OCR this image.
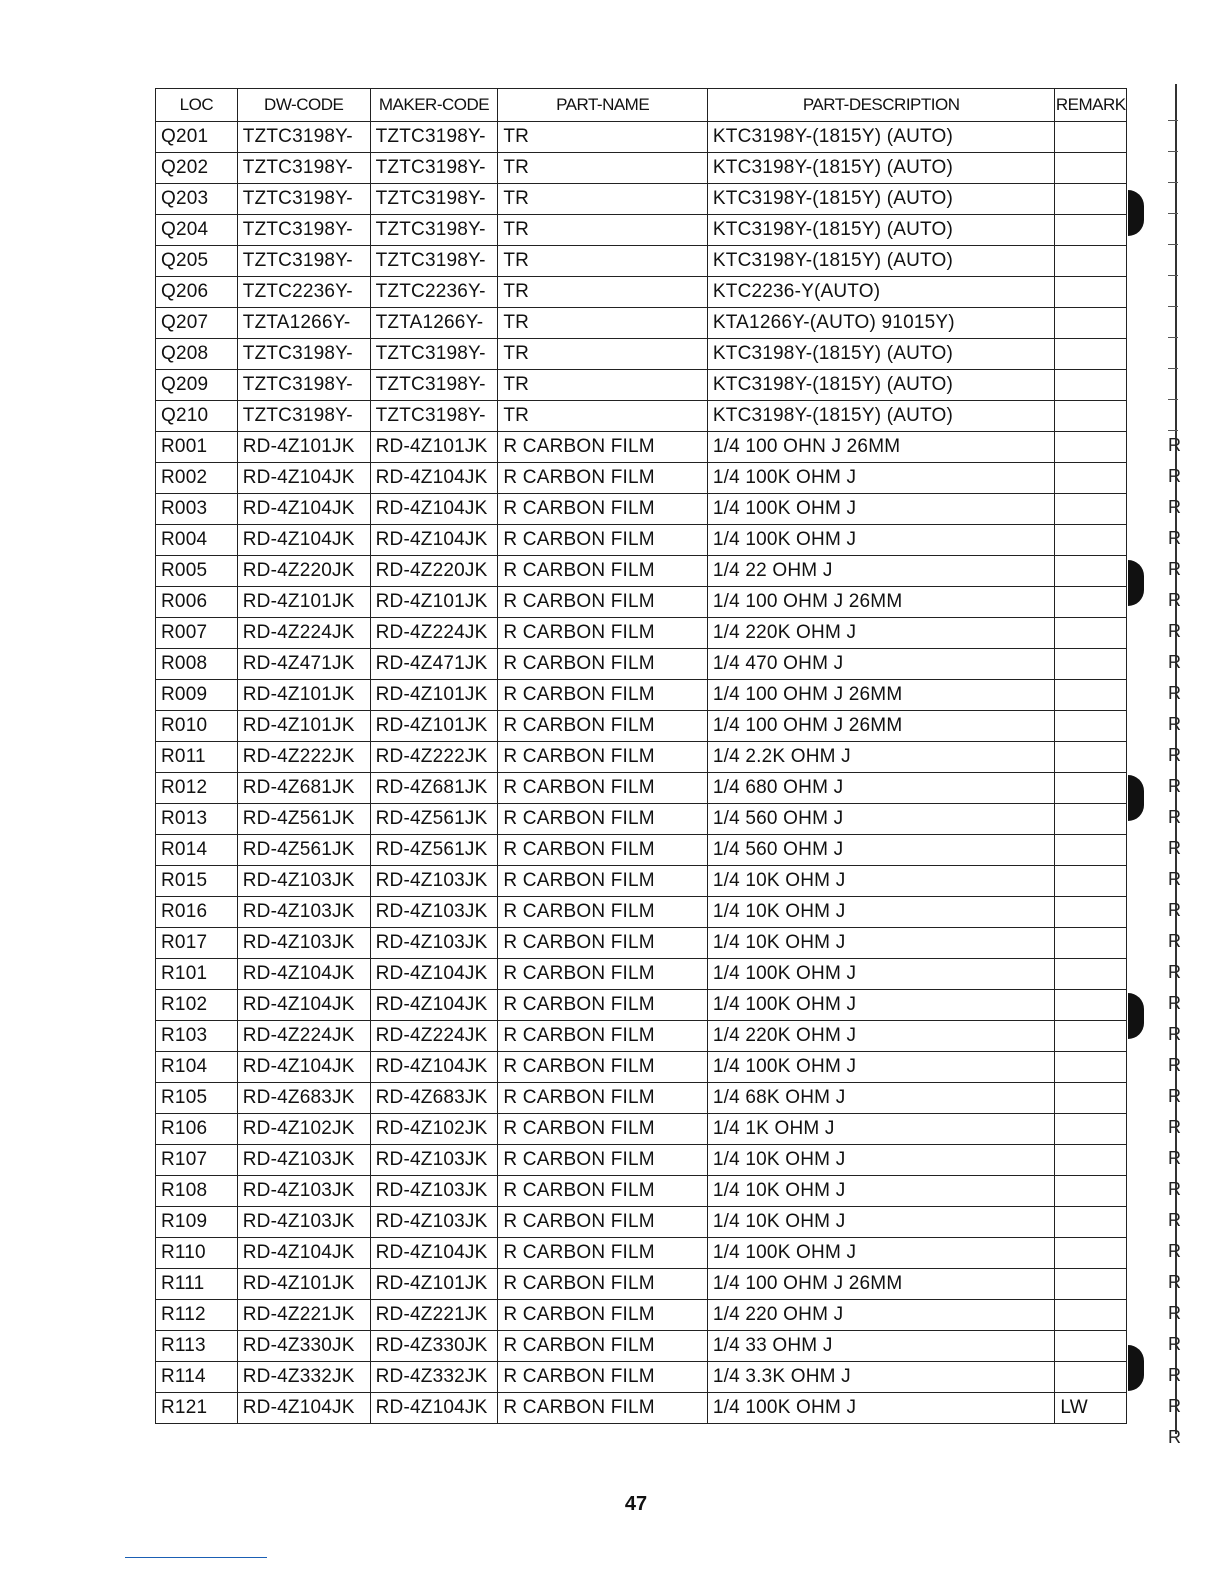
LOC	DW-CODE	MAKER-CODE	PART-NAME	PART-DESCRIPTION	REMARK
Q201	TZTC3198Y-	TZTC3198Y-	TR	KTC3198Y-(1815Y) (AUTO)	
Q202	TZTC3198Y-	TZTC3198Y-	TR	KTC3198Y-(1815Y) (AUTO)	
Q203	TZTC3198Y-	TZTC3198Y-	TR	KTC3198Y-(1815Y) (AUTO)	
Q204	TZTC3198Y-	TZTC3198Y-	TR	KTC3198Y-(1815Y) (AUTO)	
Q205	TZTC3198Y-	TZTC3198Y-	TR	KTC3198Y-(1815Y) (AUTO)	
Q206	TZTC2236Y-	TZTC2236Y-	TR	KTC2236-Y(AUTO)	
Q207	TZTA1266Y-	TZTA1266Y-	TR	KTA1266Y-(AUTO) 91015Y)	
Q208	TZTC3198Y-	TZTC3198Y-	TR	KTC3198Y-(1815Y) (AUTO)	
Q209	TZTC3198Y-	TZTC3198Y-	TR	KTC3198Y-(1815Y) (AUTO)	
Q210	TZTC3198Y-	TZTC3198Y-	TR	KTC3198Y-(1815Y) (AUTO)	
R001	RD-4Z101JK	RD-4Z101JK	R CARBON FILM	1/4 100 OHN J 26MM	
R002	RD-4Z104JK	RD-4Z104JK	R CARBON FILM	1/4 100K OHM J	
R003	RD-4Z104JK	RD-4Z104JK	R CARBON FILM	1/4 100K OHM J	
R004	RD-4Z104JK	RD-4Z104JK	R CARBON FILM	1/4 100K OHM J	
R005	RD-4Z220JK	RD-4Z220JK	R CARBON FILM	1/4 22 OHM J	
R006	RD-4Z101JK	RD-4Z101JK	R CARBON FILM	1/4 100 OHM J 26MM	
R007	RD-4Z224JK	RD-4Z224JK	R CARBON FILM	1/4 220K OHM J	
R008	RD-4Z471JK	RD-4Z471JK	R CARBON FILM	1/4 470 OHM J	
R009	RD-4Z101JK	RD-4Z101JK	R CARBON FILM	1/4 100 OHM J 26MM	
R010	RD-4Z101JK	RD-4Z101JK	R CARBON FILM	1/4 100 OHM J 26MM	
R011	RD-4Z222JK	RD-4Z222JK	R CARBON FILM	1/4 2.2K OHM J	
R012	RD-4Z681JK	RD-4Z681JK	R CARBON FILM	1/4 680 OHM J	
R013	RD-4Z561JK	RD-4Z561JK	R CARBON FILM	1/4 560 OHM J	
R014	RD-4Z561JK	RD-4Z561JK	R CARBON FILM	1/4 560 OHM J	
R015	RD-4Z103JK	RD-4Z103JK	R CARBON FILM	1/4 10K OHM J	
R016	RD-4Z103JK	RD-4Z103JK	R CARBON FILM	1/4 10K OHM J	
R017	RD-4Z103JK	RD-4Z103JK	R CARBON FILM	1/4 10K OHM J	
R101	RD-4Z104JK	RD-4Z104JK	R CARBON FILM	1/4 100K OHM J	
R102	RD-4Z104JK	RD-4Z104JK	R CARBON FILM	1/4 100K OHM J	
R103	RD-4Z224JK	RD-4Z224JK	R CARBON FILM	1/4 220K OHM J	
R104	RD-4Z104JK	RD-4Z104JK	R CARBON FILM	1/4 100K OHM J	
R105	RD-4Z683JK	RD-4Z683JK	R CARBON FILM	1/4 68K OHM J	
R106	RD-4Z102JK	RD-4Z102JK	R CARBON FILM	1/4 1K OHM J	
R107	RD-4Z103JK	RD-4Z103JK	R CARBON FILM	1/4 10K OHM J	
R108	RD-4Z103JK	RD-4Z103JK	R CARBON FILM	1/4 10K OHM J	
R109	RD-4Z103JK	RD-4Z103JK	R CARBON FILM	1/4 10K OHM J	
R110	RD-4Z104JK	RD-4Z104JK	R CARBON FILM	1/4 100K OHM J	
R111	RD-4Z101JK	RD-4Z101JK	R CARBON FILM	1/4 100 OHM J 26MM	
R112	RD-4Z221JK	RD-4Z221JK	R CARBON FILM	1/4 220 OHM J	
R113	RD-4Z330JK	RD-4Z330JK	R CARBON FILM	1/4 33 OHM J	
R114	RD-4Z332JK	RD-4Z332JK	R CARBON FILM	1/4 3.3K OHM J	
R121	RD-4Z104JK	RD-4Z104JK	R CARBON FILM	1/4 100K OHM J	LW
R
R
R
R
R
R
R
R
R
R
R
R
R
R
R
R
R
R
R
R
R
R
R
R
R
R
R
R
R
R
R
R
R
47
